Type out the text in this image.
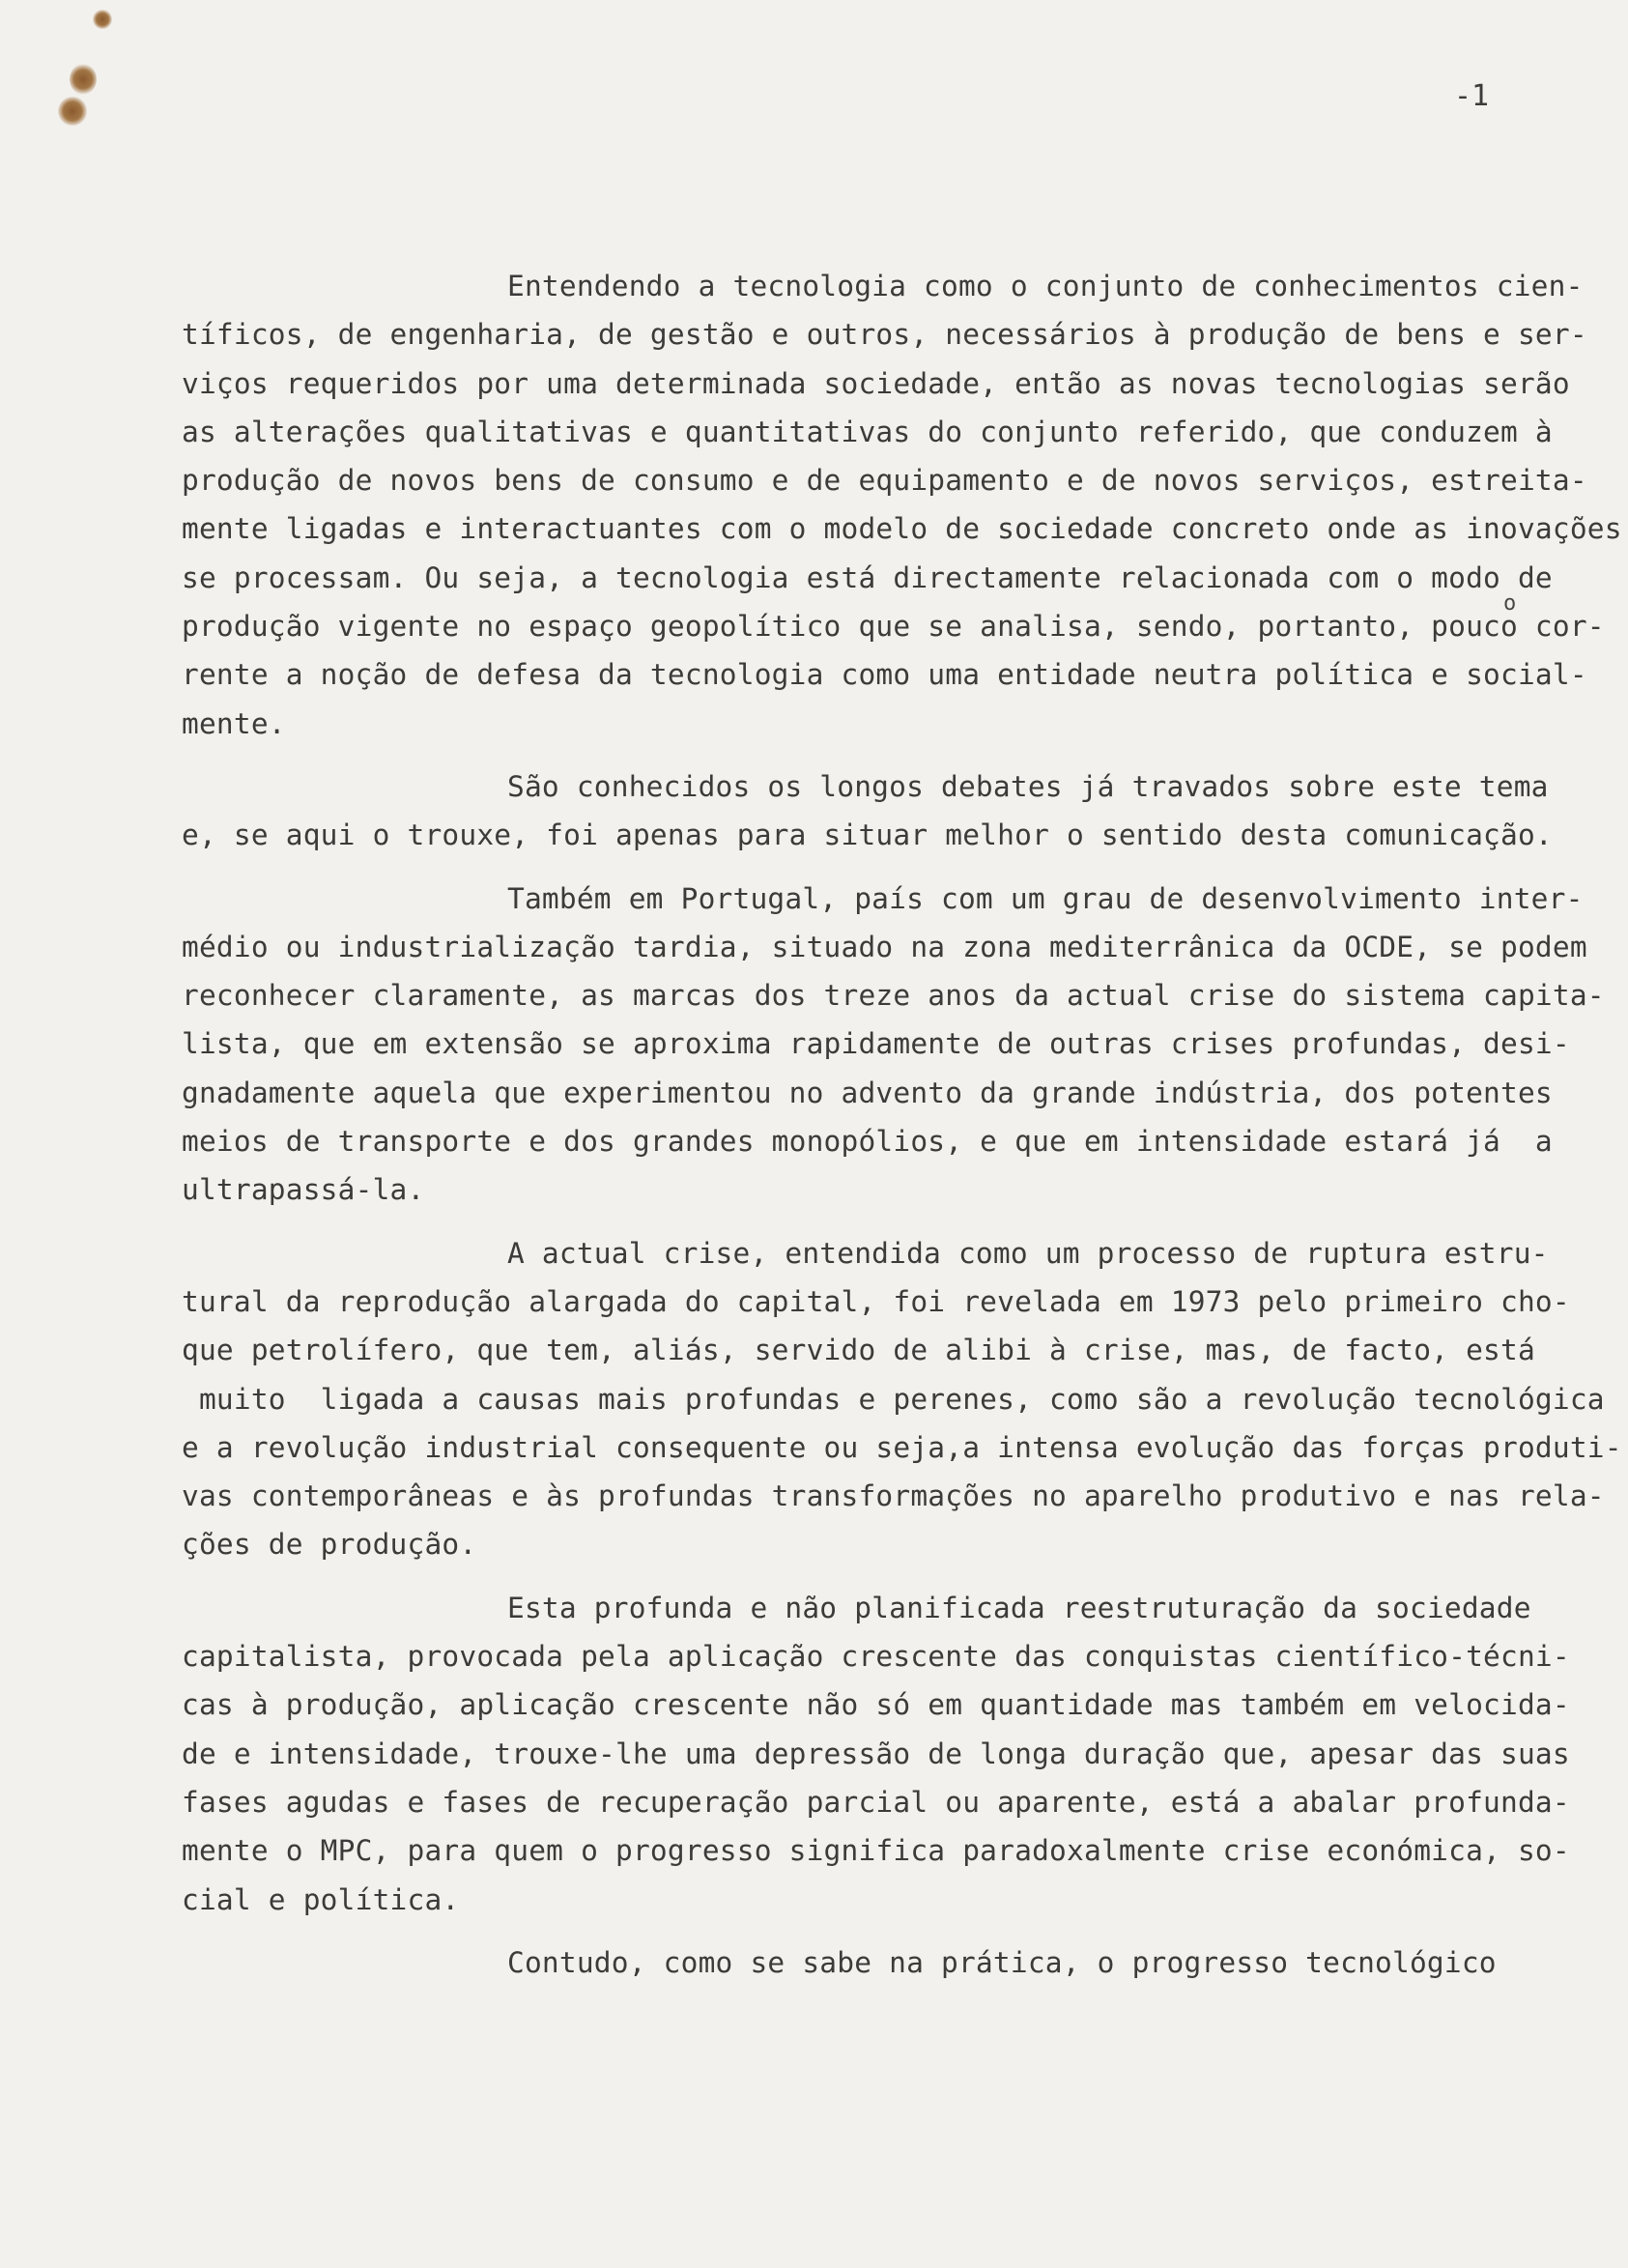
-1
o
Entendendo a tecnologia como o conjunto de conhecimentos cien-
tíficos, de engenharia, de gestão e outros, necessários à produção de bens e ser-
viços requeridos por uma determinada sociedade, então as novas tecnologias serão
as alterações qualitativas e quantitativas do conjunto referido, que conduzem à
produção de novos bens de consumo e de equipamento e de novos serviços, estreita-
mente ligadas e interactuantes com o modelo de sociedade concreto onde as inovações
se processam. Ou seja, a tecnologia está directamente relacionada com o modo de
produção vigente no espaço geopolítico que se analisa, sendo, portanto, pouco cor-
rente a noção de defesa da tecnologia como uma entidade neutra política e social-
mente.
São conhecidos os longos debates já travados sobre este tema
e, se aqui o trouxe, foi apenas para situar melhor o sentido desta comunicação.
Também em Portugal, país com um grau de desenvolvimento inter-
médio ou industrialização tardia, situado na zona mediterrânica da OCDE, se podem
reconhecer claramente, as marcas dos treze anos da actual crise do sistema capita-
lista, que em extensão se aproxima rapidamente de outras crises profundas, desi-
gnadamente aquela que experimentou no advento da grande indústria, dos potentes
meios de transporte e dos grandes monopólios, e que em intensidade estará já  a
ultrapassá-la.
A actual crise, entendida como um processo de ruptura estru-
tural da reprodução alargada do capital, foi revelada em 1973 pelo primeiro cho-
que petrolífero, que tem, aliás, servido de alibi à crise, mas, de facto, está
muito  ligada a causas mais profundas e perenes, como são a revolução tecnológica
e a revolução industrial consequente ou seja,a intensa evolução das forças produti-
vas contemporâneas e às profundas transformações no aparelho produtivo e nas rela-
ções de produção.
Esta profunda e não planificada reestruturação da sociedade
capitalista, provocada pela aplicação crescente das conquistas científico-técni-
cas à produção, aplicação crescente não só em quantidade mas também em velocida-
de e intensidade, trouxe-lhe uma depressão de longa duração que, apesar das suas
fases agudas e fases de recuperação parcial ou aparente, está a abalar profunda-
mente o MPC, para quem o progresso significa paradoxalmente crise económica, so-
cial e política.
Contudo, como se sabe na prática, o progresso tecnológico
